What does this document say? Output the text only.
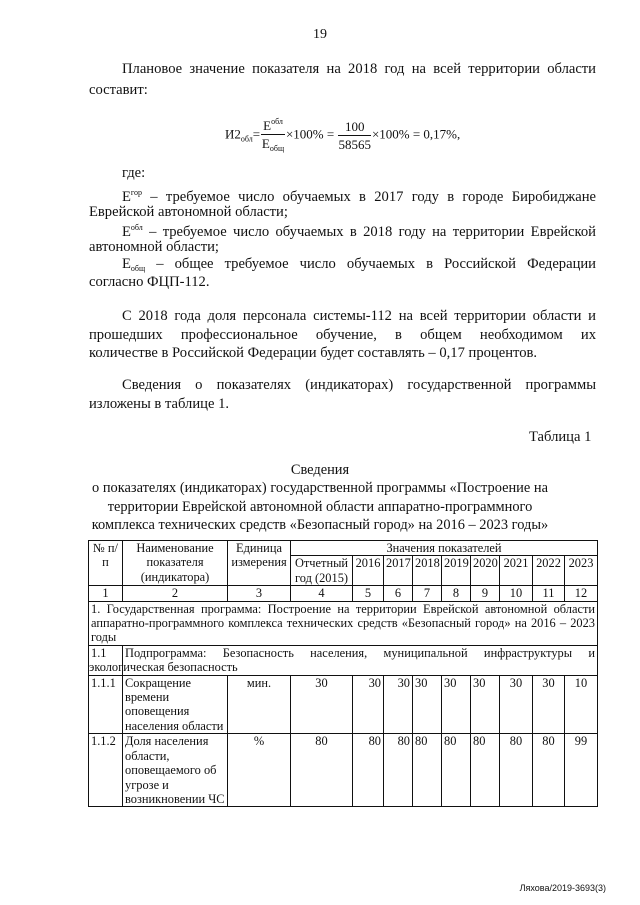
19
Плановое значение показателя на 2018 год на всей территории области
составит:
$И2_{обл}= \frac{Е^{обл}}{Е_{общ}} \times 100\% = \frac{100}{58565} \times 100\% = 0,17\%$,
где:
$Е^{гор}$ – требуемое число обучаемых в 2017 году в городе Биробиджане
Еврейской автономной области;
$Е^{обл}$ – требуемое число обучаемых в 2018 году на территории Еврейской
автономной области;
$Е_{общ}$ – общее требуемое число обучаемых в Российской Федерации
согласно ФЦП-112.
С 2018 года доля персонала системы-112 на всей территории области и
прошедших профессиональное обучение, в общем необходимом их
количестве в Российской Федерации будет составлять – 0,17 процентов.
Сведения о показателях (индикаторах) государственной программы
изложены в таблице 1.
Таблица 1
Сведения
о показателях (индикаторах) государственной программы «Построение на
территории Еврейской автономной области аппаратно-программного
комплекса технических средств «Безопасный город» на 2016 – 2023 годы»
№ п/п	Наименование показателя (индикатора)	Единица измерения	Значения показателей								
			Отчетный год (2015)	2016	2017	2018	2019	2020	2021	2022	2023
1	2	3	4	5	6	7	8	9	10	11	12
1. Государственная программа: Построение на территории Еврейской автономной области аппаратно-программного комплекса технических средств «Безопасный город» на 2016 – 2023 годы											
1.1	Подпрограмма: Безопасность населения, муниципальной инфраструктуры и
экологическая безопасность										

1.1.1	Сокращение времени оповещения населения области	мин.	30	30	30	30	30	30	30	30	10
1.1.2	Доля населения области, оповещаемого об угрозе и возникновении ЧС	%	80	80	80	80	80	80	80	80	99
Ляхова/2019-3693(3)
